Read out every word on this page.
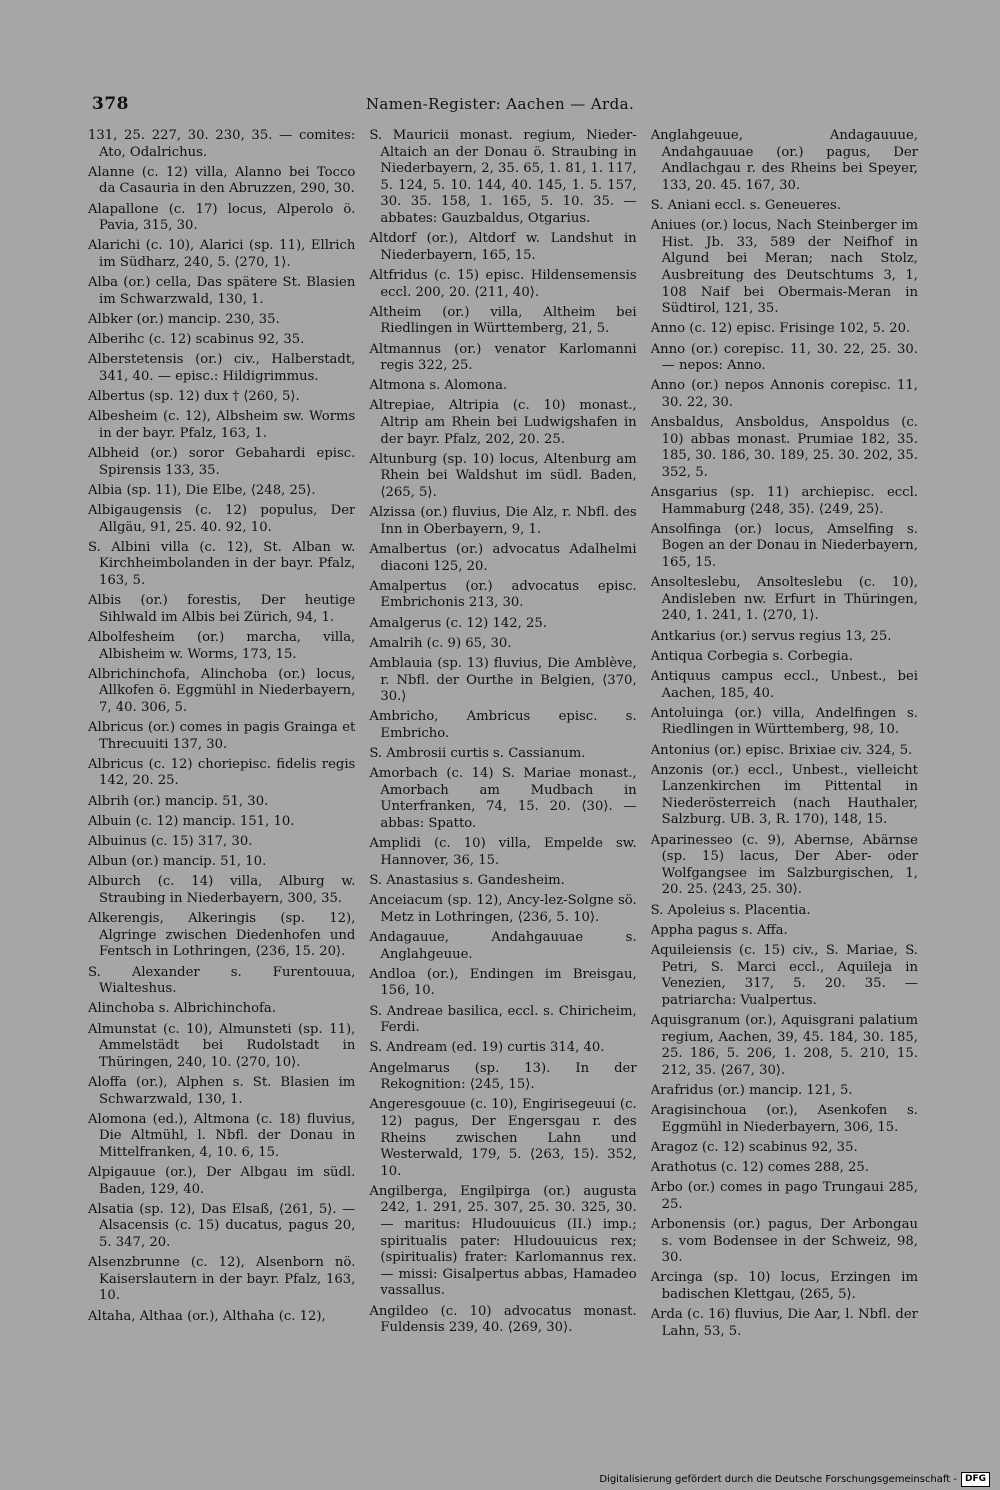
378	Namen-Register: Aachen — Arda.
131, 25. 227, 30. 230, 35. — comites: Ato, Odalrichus.
Alanne (c. 12) villa, Alanno bei Tocco da Casauria in den Abruzzen, 290, 30.
Alapallone (c. 17) locus, Alperolo ö. Pavia, 315, 30.
Alarichi (c. 10), Alarici (sp. 11), Ellrich im Südharz, 240, 5. ⟨270, 1⟩.
Alba (or.) cella, Das spätere St. Blasien im Schwarzwald, 130, 1.
Albker (or.) mancip. 230, 35.
Alberihc (c. 12) scabinus 92, 35.
Alberstetensis (or.) civ., Halberstadt, 341, 40. — episc.: Hildigrimmus.
Albertus (sp. 12) dux † ⟨260, 5⟩.
Albesheim (c. 12), Albsheim sw. Worms in der bayr. Pfalz, 163, 1.
Albheid (or.) soror Gebahardi episc. Spirensis 133, 35.
Albia (sp. 11), Die Elbe, ⟨248, 25⟩.
Albigaugensis (c. 12) populus, Der Allgäu, 91, 25. 40. 92, 10.
S. Albini villa (c. 12), St. Alban w. Kirchheimbolanden in der bayr. Pfalz, 163, 5.
Albis (or.) forestis, Der heutige Sihlwald im Albis bei Zürich, 94, 1.
Albolfesheim (or.) marcha, villa, Albisheim w. Worms, 173, 15.
Albrichinchofa, Alinchoba (or.) locus, Allkofen ö. Eggmühl in Niederbayern, 7, 40. 306, 5.
Albricus (or.) comes in pagis Grainga et Threcuuiti 137, 30.
Albricus (c. 12) choriepisc. fidelis regis 142, 20. 25.
Albrih (or.) mancip. 51, 30.
Albuin (c. 12) mancip. 151, 10.
Albuinus (c. 15) 317, 30.
Albun (or.) mancip. 51, 10.
Alburch (c. 14) villa, Alburg w. Straubing in Niederbayern, 300, 35.
Alkerengis, Alkeringis (sp. 12), Algringe zwischen Diedenhofen und Fentsch in Lothringen, ⟨236, 15. 20⟩.
S. Alexander s. Furentouua, Wialteshus.
Alinchoba s. Albrichinchofa.
Almunstat (c. 10), Almunsteti (sp. 11), Ammelstädt bei Rudolstadt in Thüringen, 240, 10. ⟨270, 10⟩.
Aloffa (or.), Alphen s. St. Blasien im Schwarzwald, 130, 1.
Alomona (ed.), Altmona (c. 18) fluvius, Die Altmühl, l. Nbfl. der Donau in Mittelfranken, 4, 10. 6, 15.
Alpigauue (or.), Der Albgau im südl. Baden, 129, 40.
Alsatia (sp. 12), Das Elsaß, ⟨261, 5⟩. — Alsacensis (c. 15) ducatus, pagus 20, 5. 347, 20.
Alsenzbrunne (c. 12), Alsenborn nö. Kaiserslautern in der bayr. Pfalz, 163, 10.
Altaha, Althaa (or.), Althaha (c. 12),
S. Mauricii monast. regium, Nieder-Altaich an der Donau ö. Straubing in Niederbayern, 2, 35. 65, 1. 81, 1. 117, 5. 124, 5. 10. 144, 40. 145, 1. 5. 157, 30. 35. 158, 1. 165, 5. 10. 35. — abbates: Gauzbaldus, Otgarius.
Altdorf (or.), Altdorf w. Landshut in Niederbayern, 165, 15.
Altfridus (c. 15) episc. Hildensemensis eccl. 200, 20. ⟨211, 40⟩.
Altheim (or.) villa, Altheim bei Riedlingen in Württemberg, 21, 5.
Altmannus (or.) venator Karlomanni regis 322, 25.
Altmona s. Alomona.
Altrepiae, Altripia (c. 10) monast., Altrip am Rhein bei Ludwigshafen in der bayr. Pfalz, 202, 20. 25.
Altunburg (sp. 10) locus, Altenburg am Rhein bei Waldshut im südl. Baden, ⟨265, 5⟩.
Alzissa (or.) fluvius, Die Alz, r. Nbfl. des Inn in Oberbayern, 9, 1.
Amalbertus (or.) advocatus Adalhelmi diaconi 125, 20.
Amalpertus (or.) advocatus episc. Embrichonis 213, 30.
Amalgerus (c. 12) 142, 25.
Amalrih (c. 9) 65, 30.
Amblauia (sp. 13) fluvius, Die Amblève, r. Nbfl. der Ourthe in Belgien, ⟨370, 30.⟩
Ambricho, Ambricus episc. s. Embricho.
S. Ambrosii curtis s. Cassianum.
Amorbach (c. 14) S. Mariae monast., Amorbach am Mudbach in Unterfranken, 74, 15. 20. ⟨30⟩. — abbas: Spatto.
Amplidi (c. 10) villa, Empelde sw. Hannover, 36, 15.
S. Anastasius s. Gandesheim.
Anceiacum (sp. 12), Ancy-lez-Solgne sö. Metz in Lothringen, ⟨236, 5. 10⟩.
Andagauue, Andahgauuae s. Anglahgeuue.
Andloa (or.), Endingen im Breisgau, 156, 10.
S. Andreae basilica, eccl. s. Chiricheim, Ferdi.
S. Andream (ed. 19) curtis 314, 40.
Angelmarus (sp. 13). In der Rekognition: ⟨245, 15⟩.
Angeresgouue (c. 10), Engirisegeuui (c. 12) pagus, Der Engersgau r. des Rheins zwischen Lahn und Westerwald, 179, 5. ⟨263, 15⟩. 352, 10.
Angilberga, Engilpirga (or.) augusta 242, 1. 291, 25. 307, 25. 30. 325, 30. — maritus: Hludouuicus (II.) imp.; spiritualis pater: Hludouuicus rex; (spiritualis) frater: Karlomannus rex. — missi: Gisalpertus abbas, Hamadeo vassallus.
Angildeo (c. 10) advocatus monast. Fuldensis 239, 40. ⟨269, 30⟩.
Anglahgeuue, Andagauuue, Andahgauuae (or.) pagus, Der Andlachgau r. des Rheins bei Speyer, 133, 20. 45. 167, 30.
S. Aniani eccl. s. Geneueres.
Aniues (or.) locus, Nach Steinberger im Hist. Jb. 33, 589 der Neifhof in Algund bei Meran; nach Stolz, Ausbreitung des Deutschtums 3, 1, 108 Naif bei Obermais-Meran in Südtirol, 121, 35.
Anno (c. 12) episc. Frisinge 102, 5. 20.
Anno (or.) corepisc. 11, 30. 22, 25. 30. — nepos: Anno.
Anno (or.) nepos Annonis corepisc. 11, 30. 22, 30.
Ansbaldus, Ansboldus, Anspoldus (c. 10) abbas monast. Prumiae 182, 35. 185, 30. 186, 30. 189, 25. 30. 202, 35. 352, 5.
Ansgarius (sp. 11) archiepisc. eccl. Hammaburg ⟨248, 35⟩. ⟨249, 25⟩.
Ansolfinga (or.) locus, Amselfing s. Bogen an der Donau in Niederbayern, 165, 15.
Ansolteslebu, Ansolteslebu (c. 10), Andisleben nw. Erfurt in Thüringen, 240, 1. 241, 1. ⟨270, 1⟩.
Antkarius (or.) servus regius 13, 25.
Antiqua Corbegia s. Corbegia.
Antiquus campus eccl., Unbest., bei Aachen, 185, 40.
Antoluinga (or.) villa, Andelfingen s. Riedlingen in Württemberg, 98, 10.
Antonius (or.) episc. Brixiae civ. 324, 5.
Anzonis (or.) eccl., Unbest., vielleicht Lanzenkirchen im Pittental in Niederösterreich (nach Hauthaler, Salzburg. UB. 3, R. 170), 148, 15.
Aparinesseo (c. 9), Abernse, Abärnse (sp. 15) lacus, Der Aber- oder Wolfgangsee im Salzburgischen, 1, 20. 25. ⟨243, 25. 30⟩.
S. Apoleius s. Placentia.
Appha pagus s. Affa.
Aquileiensis (c. 15) civ., S. Mariae, S. Petri, S. Marci eccl., Aquileja in Venezien, 317, 5. 20. 35. — patriarcha: Vualpertus.
Aquisgranum (or.), Aquisgrani palatium regium, Aachen, 39, 45. 184, 30. 185, 25. 186, 5. 206, 1. 208, 5. 210, 15. 212, 35. ⟨267, 30⟩.
Arafridus (or.) mancip. 121, 5.
Aragisinchoua (or.), Asenkofen s. Eggmühl in Niederbayern, 306, 15.
Aragoz (c. 12) scabinus 92, 35.
Arathotus (c. 12) comes 288, 25.
Arbo (or.) comes in pago Trungaui 285, 25.
Arbonensis (or.) pagus, Der Arbongau s. vom Bodensee in der Schweiz, 98, 30.
Arcinga (sp. 10) locus, Erzingen im badischen Klettgau, ⟨265, 5⟩.
Arda (c. 16) fluvius, Die Aar, l. Nbfl. der Lahn, 53, 5.
Digitalisierung gefördert durch die Deutsche Forschungsgemeinschaft - DFG
